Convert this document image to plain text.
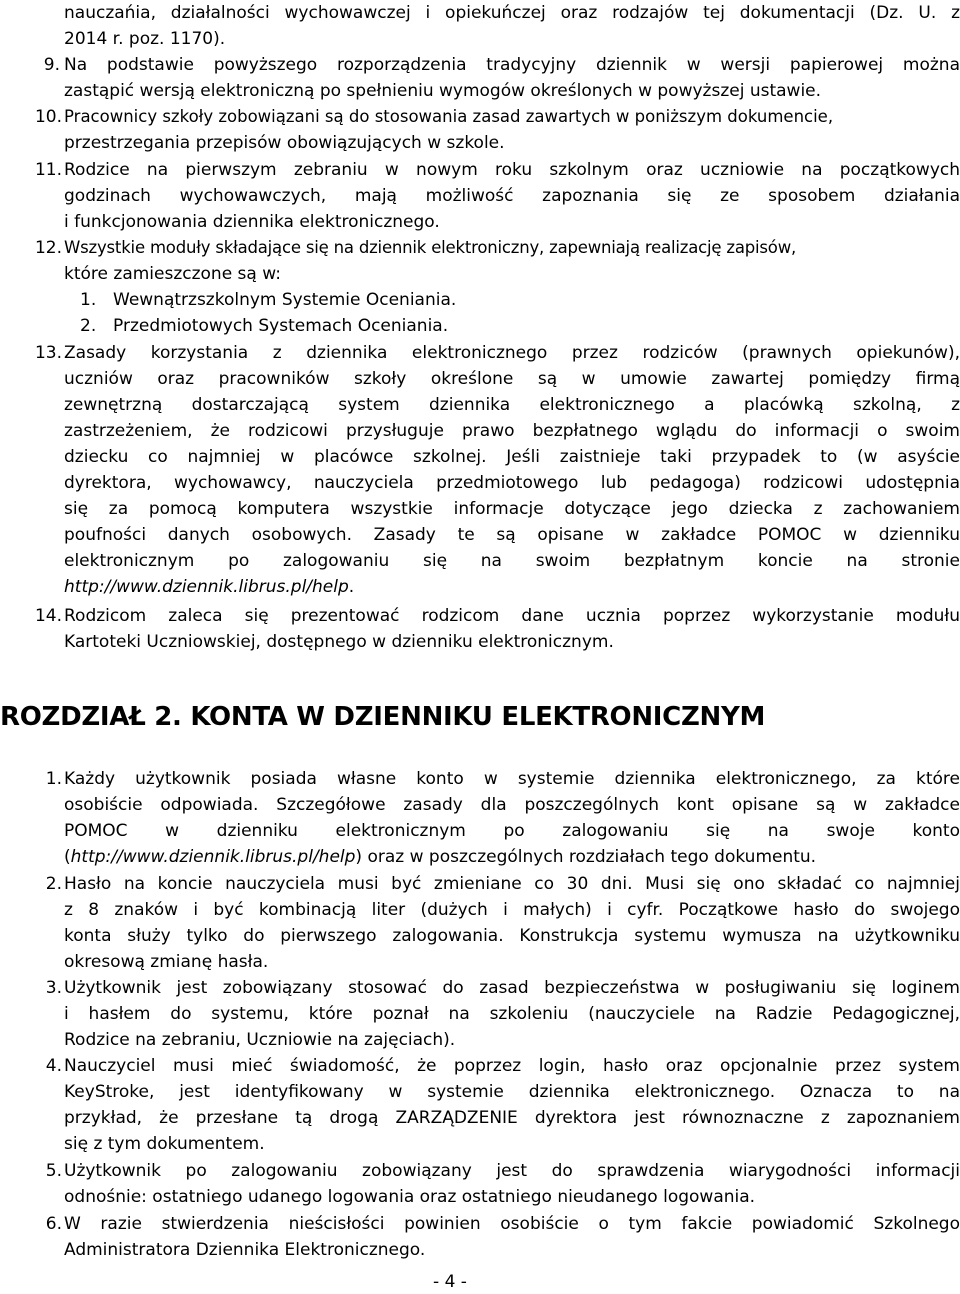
nauczańia, działalności wychowawczej i opiekuńczej oraz rodzajów tej dokumentacji (Dz. U. z
2014 r. poz. 1170).
9. Na podstawie powyższego rozporządzenia tradycyjny dziennik w wersji papierowej można
zastąpić wersją elektroniczną po spełnieniu wymogów określonych w powyższej ustawie.
10. Pracownicy szkoły zobowiązani są do stosowania zasad zawartych w poniższym dokumencie,
przestrzegania przepisów obowiązujących w szkole.
11. Rodzice na pierwszym zebraniu w nowym roku szkolnym oraz uczniowie na początkowych
godzinach wychowawczych, mają możliwość zapoznania się ze sposobem działania
i funkcjonowania dziennika elektronicznego.
12. Wszystkie moduły składające się na dziennik elektroniczny, zapewniają realizację zapisów,
które zamieszczone są w:
1. Wewnątrzszkolnym Systemie Oceniania.
2. Przedmiotowych Systemach Oceniania.
13. Zasady korzystania z dziennika elektronicznego przez rodziców (prawnych opiekunów),
uczniów oraz pracowników szkoły określone są w umowie zawartej pomiędzy firmą
zewnętrzną dostarczającą system dziennika elektronicznego a placówką szkolną, z
zastrzeżeniem, że rodzicowi przysługuje prawo bezpłatnego wglądu do informacji o swoim
dziecku co najmniej w placówce szkolnej. Jeśli zaistnieje taki przypadek to (w asyście
dyrektora, wychowawcy, nauczyciela przedmiotowego lub pedagoga) rodzicowi udostępnia
się za pomocą komputera wszystkie informacje dotyczące jego dziecka z zachowaniem
poufności danych osobowych. Zasady te są opisane w zakładce POMOC w dzienniku
elektronicznym po zalogowaniu się na swoim bezpłatnym koncie na stronie
http://www.dziennik.librus.pl/help.
14. Rodzicom zaleca się prezentować rodzicom dane ucznia poprzez wykorzystanie modułu
Kartoteki Uczniowskiej, dostępnego w dzienniku elektronicznym.
ROZDZIAŁ 2. KONTA W DZIENNIKU ELEKTRONICZNYM
1. Każdy użytkownik posiada własne konto w systemie dziennika elektronicznego, za które
osobiście odpowiada. Szczegółowe zasady dla poszczególnych kont opisane są w zakładce
POMOC w dzienniku elektronicznym po zalogowaniu się na swoje konto
(http://www.dziennik.librus.pl/help) oraz w poszczególnych rozdziałach tego dokumentu.
2. Hasło na koncie nauczyciela musi być zmieniane co 30 dni. Musi się ono składać co najmniej
z 8 znaków i być kombinacją liter (dużych i małych) i cyfr. Początkowe hasło do swojego
konta służy tylko do pierwszego zalogowania. Konstrukcja systemu wymusza na użytkowniku
okresową zmianę hasła.
3. Użytkownik jest zobowiązany stosować do zasad bezpieczeństwa w posługiwaniu się loginem
i hasłem do systemu, które poznał na szkoleniu (nauczyciele na Radzie Pedagogicznej,
Rodzice na zebraniu, Uczniowie na zajęciach).
4. Nauczyciel musi mieć świadomość, że poprzez login, hasło oraz opcjonalnie przez system
KeyStroke, jest identyfikowany w systemie dziennika elektronicznego. Oznacza to na
przykład, że przesłane tą drogą ZARZĄDZENIE dyrektora jest równoznaczne z zapoznaniem
się z tym dokumentem.
5. Użytkownik po zalogowaniu zobowiązany jest do sprawdzenia wiarygodności informacji
odnośnie: ostatniego udanego logowania oraz ostatniego nieudanego logowania.
6. W razie stwierdzenia nieścisłości powinien osobiście o tym fakcie powiadomić Szkolnego
Administratora Dziennika Elektronicznego.
- 4 -
